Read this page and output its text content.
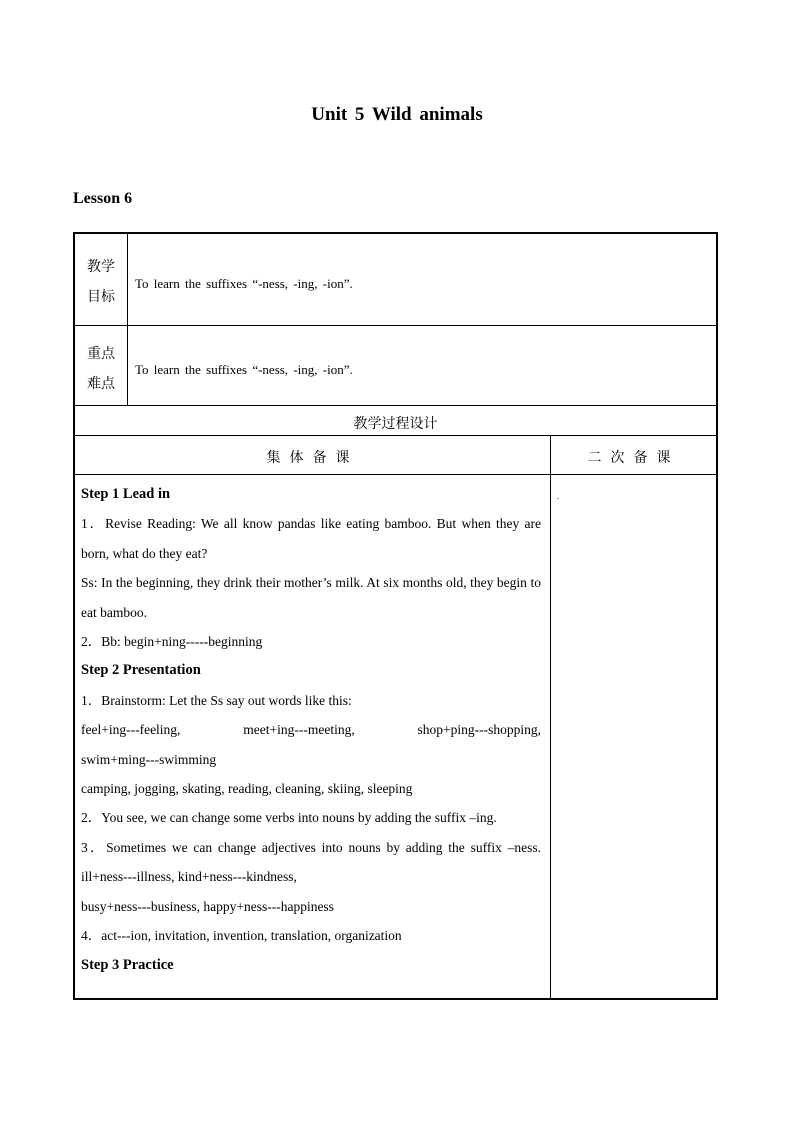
Unit 5 Wild animals
Lesson 6
教学
目标
To learn the suffixes “-ness, -ing, -ion”.
重点
难点
To learn the suffixes “-ness, -ing, -ion”.
教学过程设计
集体备课	二次备课
.

Step 1 Lead in

1．Revise Reading: We all know pandas like eating bamboo. But when they are born, what do they eat?

Ss: In the beginning, they drink their mother’s milk. At six months old, they begin to eat bamboo.

2．Bb: begin+ning-----beginning

Step 2 Presentation

1．Brainstorm: Let the Ss say out words like this:

feel+ing---feeling, meet+ing---meeting, shop+ping---shopping,

swim+ming---swimming

camping, jogging, skating, reading, cleaning, skiing, sleeping

2．You see, we can change some verbs into nouns by adding the suffix –ing.

3．Sometimes we can change adjectives into nouns by adding the suffix –ness. ill+ness---illness, kind+ness---kindness,

busy+ness---business, happy+ness---happiness

4．act---ion, invitation, invention, translation, organization

Step 3 Practice
